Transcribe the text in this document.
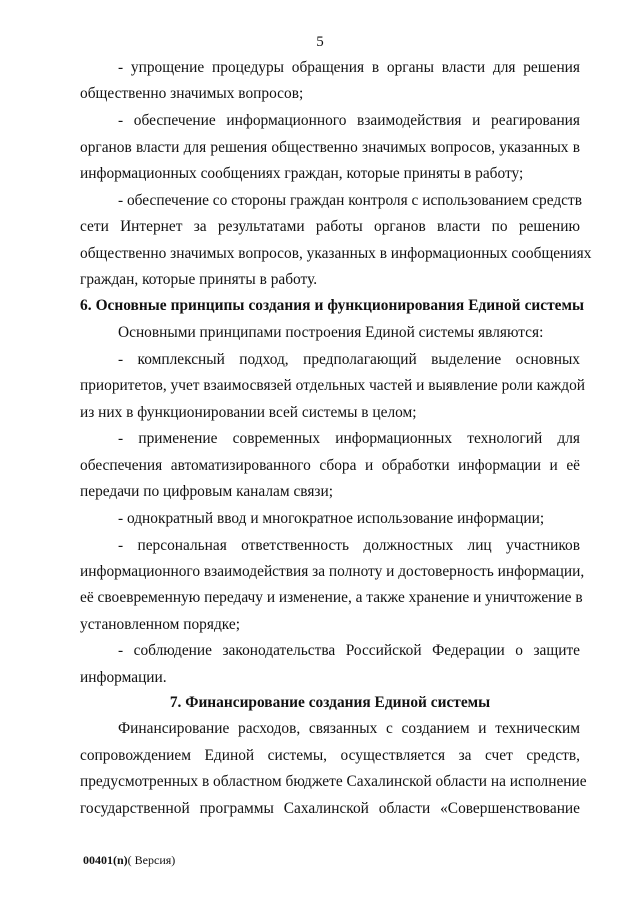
5
- упрощение процедуры обращения в органы власти для решения
общественно значимых вопросов;
- обеспечение информационного взаимодействия и реагирования
органов власти для решения общественно значимых вопросов, указанных в
информационных сообщениях граждан, которые приняты в работу;
- обеспечение со стороны граждан контроля с использованием средств
сети Интернет за результатами работы органов власти по решению
общественно значимых вопросов, указанных в информационных сообщениях
граждан, которые приняты в работу.
6. Основные принципы создания и функционирования Единой системы
Основными принципами построения Единой системы являются:
- комплексный подход, предполагающий выделение основных
приоритетов, учет взаимосвязей отдельных частей и выявление роли каждой
из них в функционировании всей системы в целом;
- применение современных информационных технологий для
обеспечения автоматизированного сбора и обработки информации и её
передачи по цифровым каналам связи;
- однократный ввод и многократное использование информации;
- персональная ответственность должностных лиц участников
информационного взаимодействия за полноту и достоверность информации,
её своевременную передачу и изменение, а также хранение и уничтожение в
установленном порядке;
- соблюдение законодательства Российской Федерации о защите
информации.
7. Финансирование создания Единой системы
Финансирование расходов, связанных с созданием и техническим
сопровождением Единой системы, осуществляется за счет средств,
предусмотренных в областном бюджете Сахалинской области на исполнение
государственной программы Сахалинской области «Совершенствование
00401(n)( Версия)
